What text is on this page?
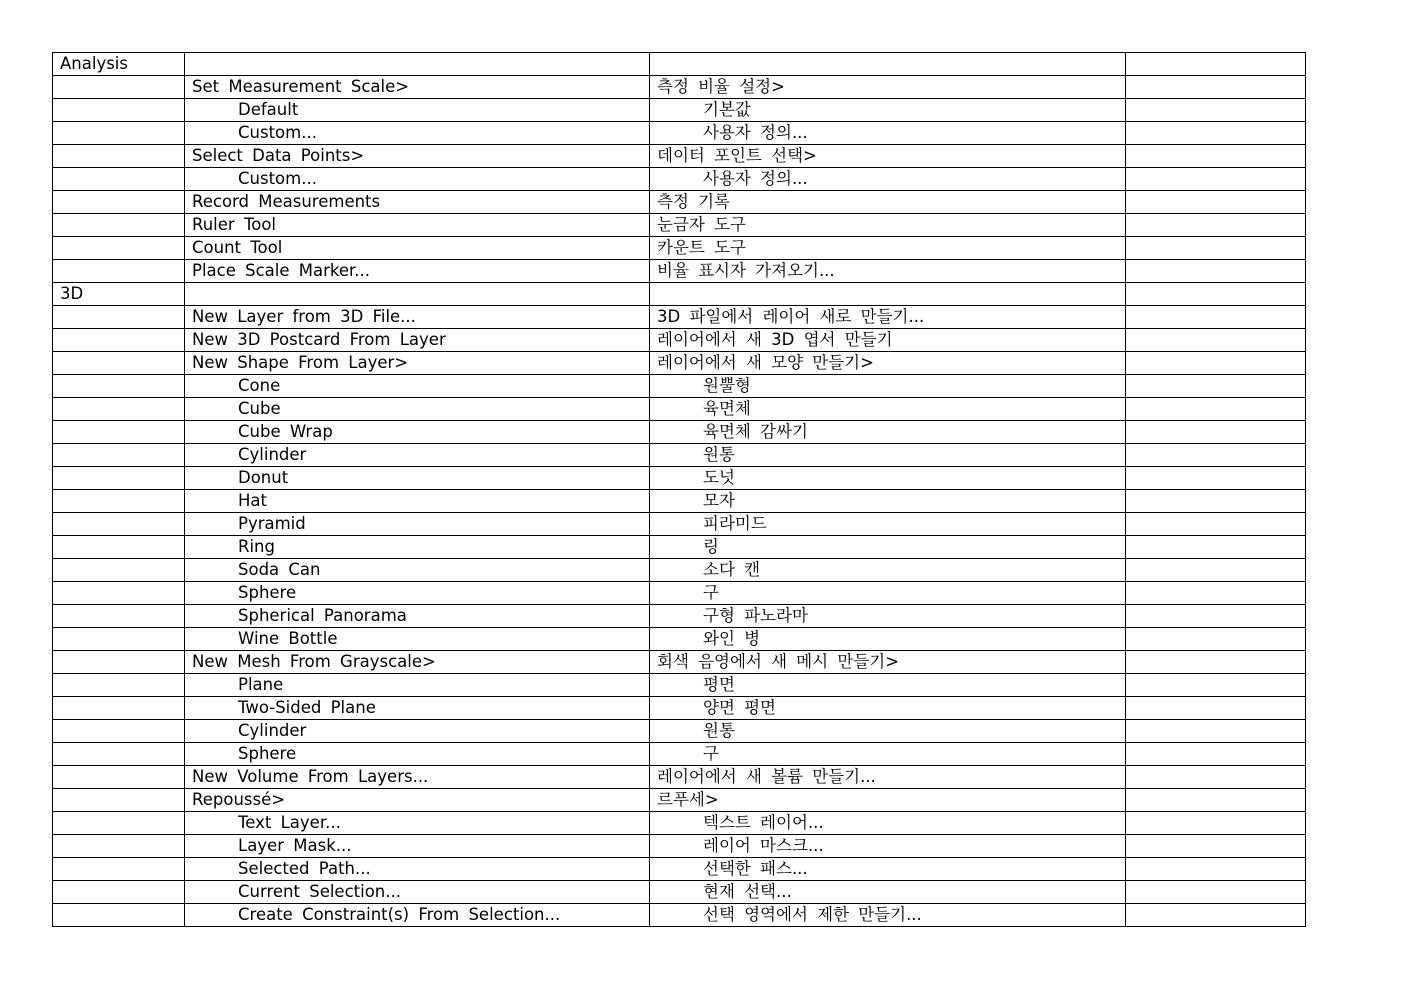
Analysis			
	Set Measurement Scale>	측정 비율 설정>	
	Default	기본값	
	Custom...	사용자 정의...	
	Select Data Points>	데이터 포인트 선택>	
	Custom...	사용자 정의...	
	Record Measurements	측정 기록	
	Ruler Tool	눈금자 도구	
	Count Tool	카운트 도구	
	Place Scale Marker...	비율 표시자 가져오기...	
3D			
	New Layer from 3D File...	3D 파일에서 레이어 새로 만들기...	
	New 3D Postcard From Layer	레이어에서 새 3D 엽서 만들기	
	New Shape From Layer>	레이어에서 새 모양 만들기>	
	Cone	원뿔형	
	Cube	육면체	
	Cube Wrap	육면체 감싸기	
	Cylinder	원통	
	Donut	도넛	
	Hat	모자	
	Pyramid	피라미드	
	Ring	링	
	Soda Can	소다 캔	
	Sphere	구	
	Spherical Panorama	구형 파노라마	
	Wine Bottle	와인 병	
	New Mesh From Grayscale>	회색 음영에서 새 메시 만들기>	
	Plane	평면	
	Two-Sided Plane	양면 평면	
	Cylinder	원통	
	Sphere	구	
	New Volume From Layers...	레이어에서 새 볼륨 만들기...	
	Repoussé>	르푸세>	
	Text Layer...	텍스트 레이어...	
	Layer Mask...	레이어 마스크...	
	Selected Path...	선택한 패스...	
	Current Selection...	현재 선택...	
	Create Constraint(s) From Selection...	선택 영역에서 제한 만들기...	
